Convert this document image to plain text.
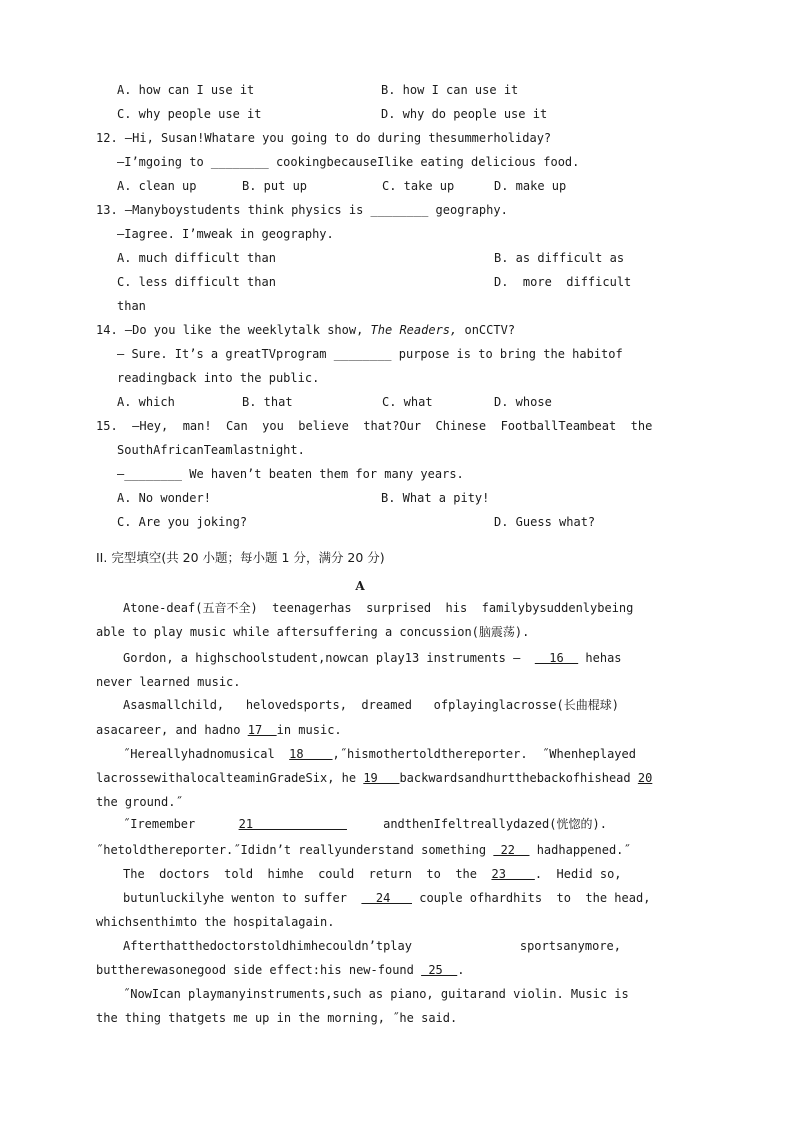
A. how can I use it	B. how I can use it
C. why people use it	D. why do people use it
12. —Hi, Susan!Whatare you going to do during thesummerholiday?
—I’mgoing to ________ cookingbecauseIlike eating delicious food.
A. clean up	B. put up	C. take up	D. make up
13. —Manyboystudents think physics is ________ geography.
—Iagree. I’mweak in geography.
A. much difficult than	B. as difficult as
C. less difficult than	D.  more  difficult
than
14. —Do you like the weeklytalk show, The Readers, onCCTV?
— Sure. It’s a greatTVprogram ________ purpose is to bring the habitof
readingback into the public.
A. which	B. that	C. what	D. whose
15.  —Hey,  man!  Can  you  believe  that?Our  Chinese  FootballTeambeat  the
SouthAfricanTeamlastnight.
—________ We haven’t beaten them for many years.
A. No wonder!	B. What a pity!
C. Are you joking?	D. Guess what?
II. 完型填空(共 20 小题；每小题 1 分，满分 20 分)
A
Atone-deaf(五音不全)  teenagerhas  surprised  his  familybysuddenlybeing
able to play music while aftersuffering a concussion(脑震荡).
Gordon, a highschoolstudent,nowcan play13 instruments —    16   hehas
never learned music.
Asasmallchild,   helovedsports,  dreamed   ofplayinglacrosse(长曲棍球)
asacareer, and hadno 17  in music.
˝Hereallyhadnomusical  18    ,˝hismothertoldthereporter.  ˝Whenheplayed
lacrossewithalocalteaminGradeSix, he 19   backwardsandhurtthebackofhishead 20
the ground.˝
˝Iremember      21                  andthenIfeltreallydazed(恍惚的).
˝hetoldthereporter.˝Ididn’t reallyunderstand something  22   hadhappened.˝
The  doctors  told  himhe  could  return  to  the  23    .  Hedid so,
butunluckilyhe wenton to suffer    24    couple ofhardhits  to  the head,
whichsenthimto the hospitalagain.
Afterthatthedoctorstoldhimhecouldn’tplay	sportsanymore,
buttherewasonegood side effect:his new-found  25  .
˝NowIcan playmanyinstruments,such as piano, guitarand violin. Music is
the thing thatgets me up in the morning, ˝he said.
